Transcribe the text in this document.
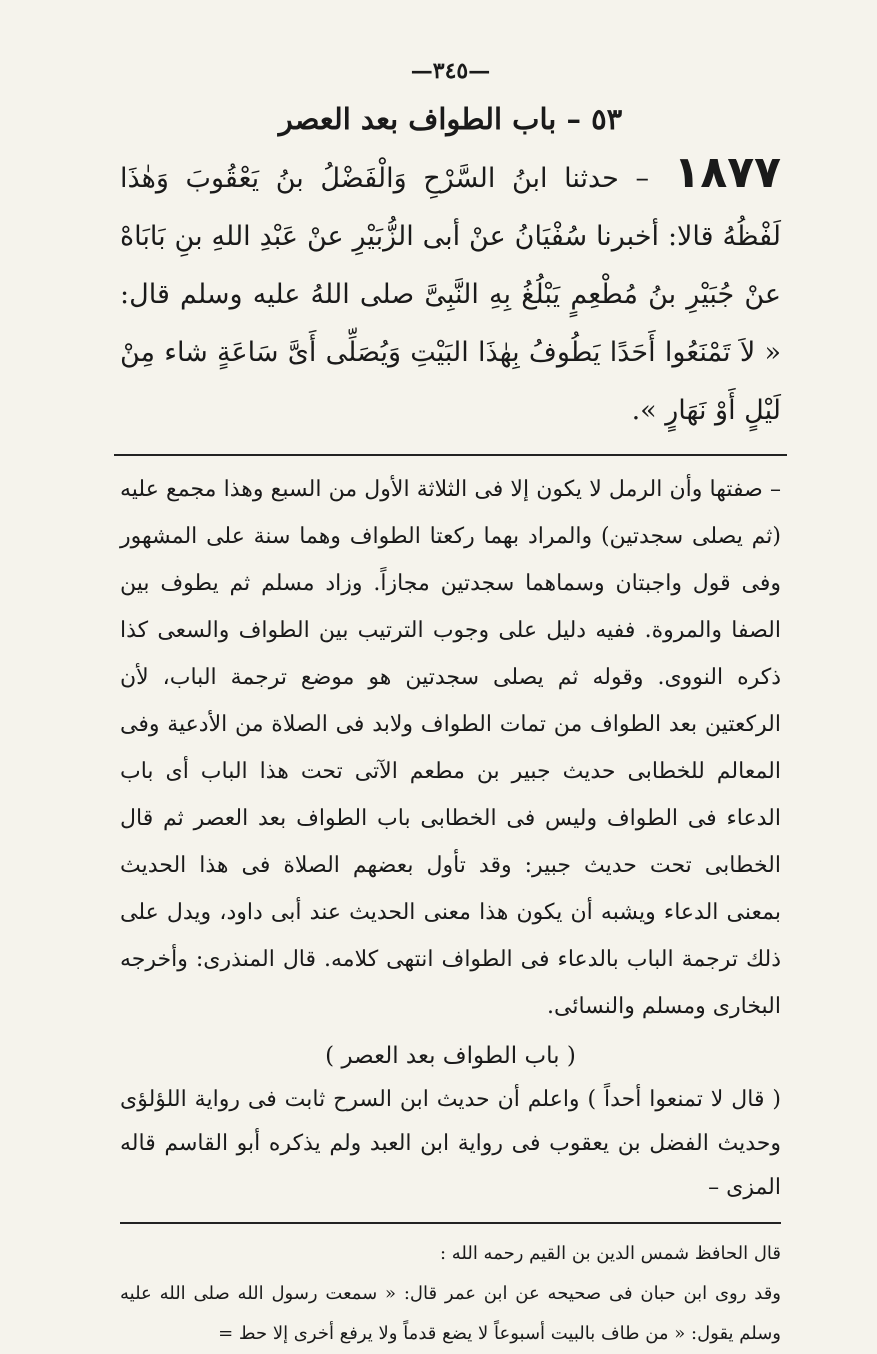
—٣٤٥—
٥٣ – باب الطواف بعد العصر

١٨٧٧ – حدثنا ابنُ السَّرْحِ وَالْفَضْلُ بنُ يَعْقُوبَ وَهٰذَا لَفْظُهُ قالا: أخبرنا سُفْيَانُ عنْ أبى الزُّبَيْرِ عنْ عَبْدِ اللهِ بنِ بَابَاهْ عنْ جُبَيْرِ بنُ مُطْعِمٍ يَبْلُغُ بِهِ النَّبِىَّ صلى اللهُ عليه وسلم قال: « لاَ تَمْنَعُوا أَحَدًا يَطُوفُ بِهٰذَا البَيْتِ وَيُصَلِّى أَىَّ سَاعَةٍ شاء مِنْ لَيْلٍ أَوْ نَهَارٍ ».

– صفتها وأن الرمل لا يكون إلا فى الثلاثة الأول من السبع وهذا مجمع عليه (ثم يصلى سجدتين) والمراد بهما ركعتا الطواف وهما سنة على المشهور وفى قول واجبتان وسماهما سجدتين مجازاً. وزاد مسلم ثم يطوف بين الصفا والمروة. ففيه دليل على وجوب الترتيب بين الطواف والسعى كذا ذكره النووى. وقوله ثم يصلى سجدتين هو موضع ترجمة الباب، لأن الركعتين بعد الطواف من تمات الطواف ولابد فى الصلاة من الأدعية وفى المعالم للخطابى حديث جبير بن مطعم الآتى تحت هذا الباب أى باب الدعاء فى الطواف وليس فى الخطابى باب الطواف بعد العصر ثم قال الخطابى تحت حديث جبير: وقد تأول بعضهم الصلاة فى هذا الحديث بمعنى الدعاء ويشبه أن يكون هذا معنى الحديث عند أبى داود، ويدل على ذلك ترجمة الباب بالدعاء فى الطواف انتهى كلامه. قال المنذرى: وأخرجه البخارى ومسلم والنسائى.

( باب الطواف بعد العصر )

( قال لا تمنعوا أحداً ) واعلم أن حديث ابن السرح ثابت فى رواية اللؤلؤى وحديث الفضل بن يعقوب فى رواية ابن العبد ولم يذكره أبو القاسم قاله المزى –

قال الحافظ شمس الدين بن القيم رحمه الله :

وقد روى ابن حبان فى صحيحه عن ابن عمر قال: « سمعت رسول الله صلى الله عليه وسلم يقول: « من طاف بالبيت أسبوعاً لا يضع قدماً ولا يرفع أخرى إلا حط =
